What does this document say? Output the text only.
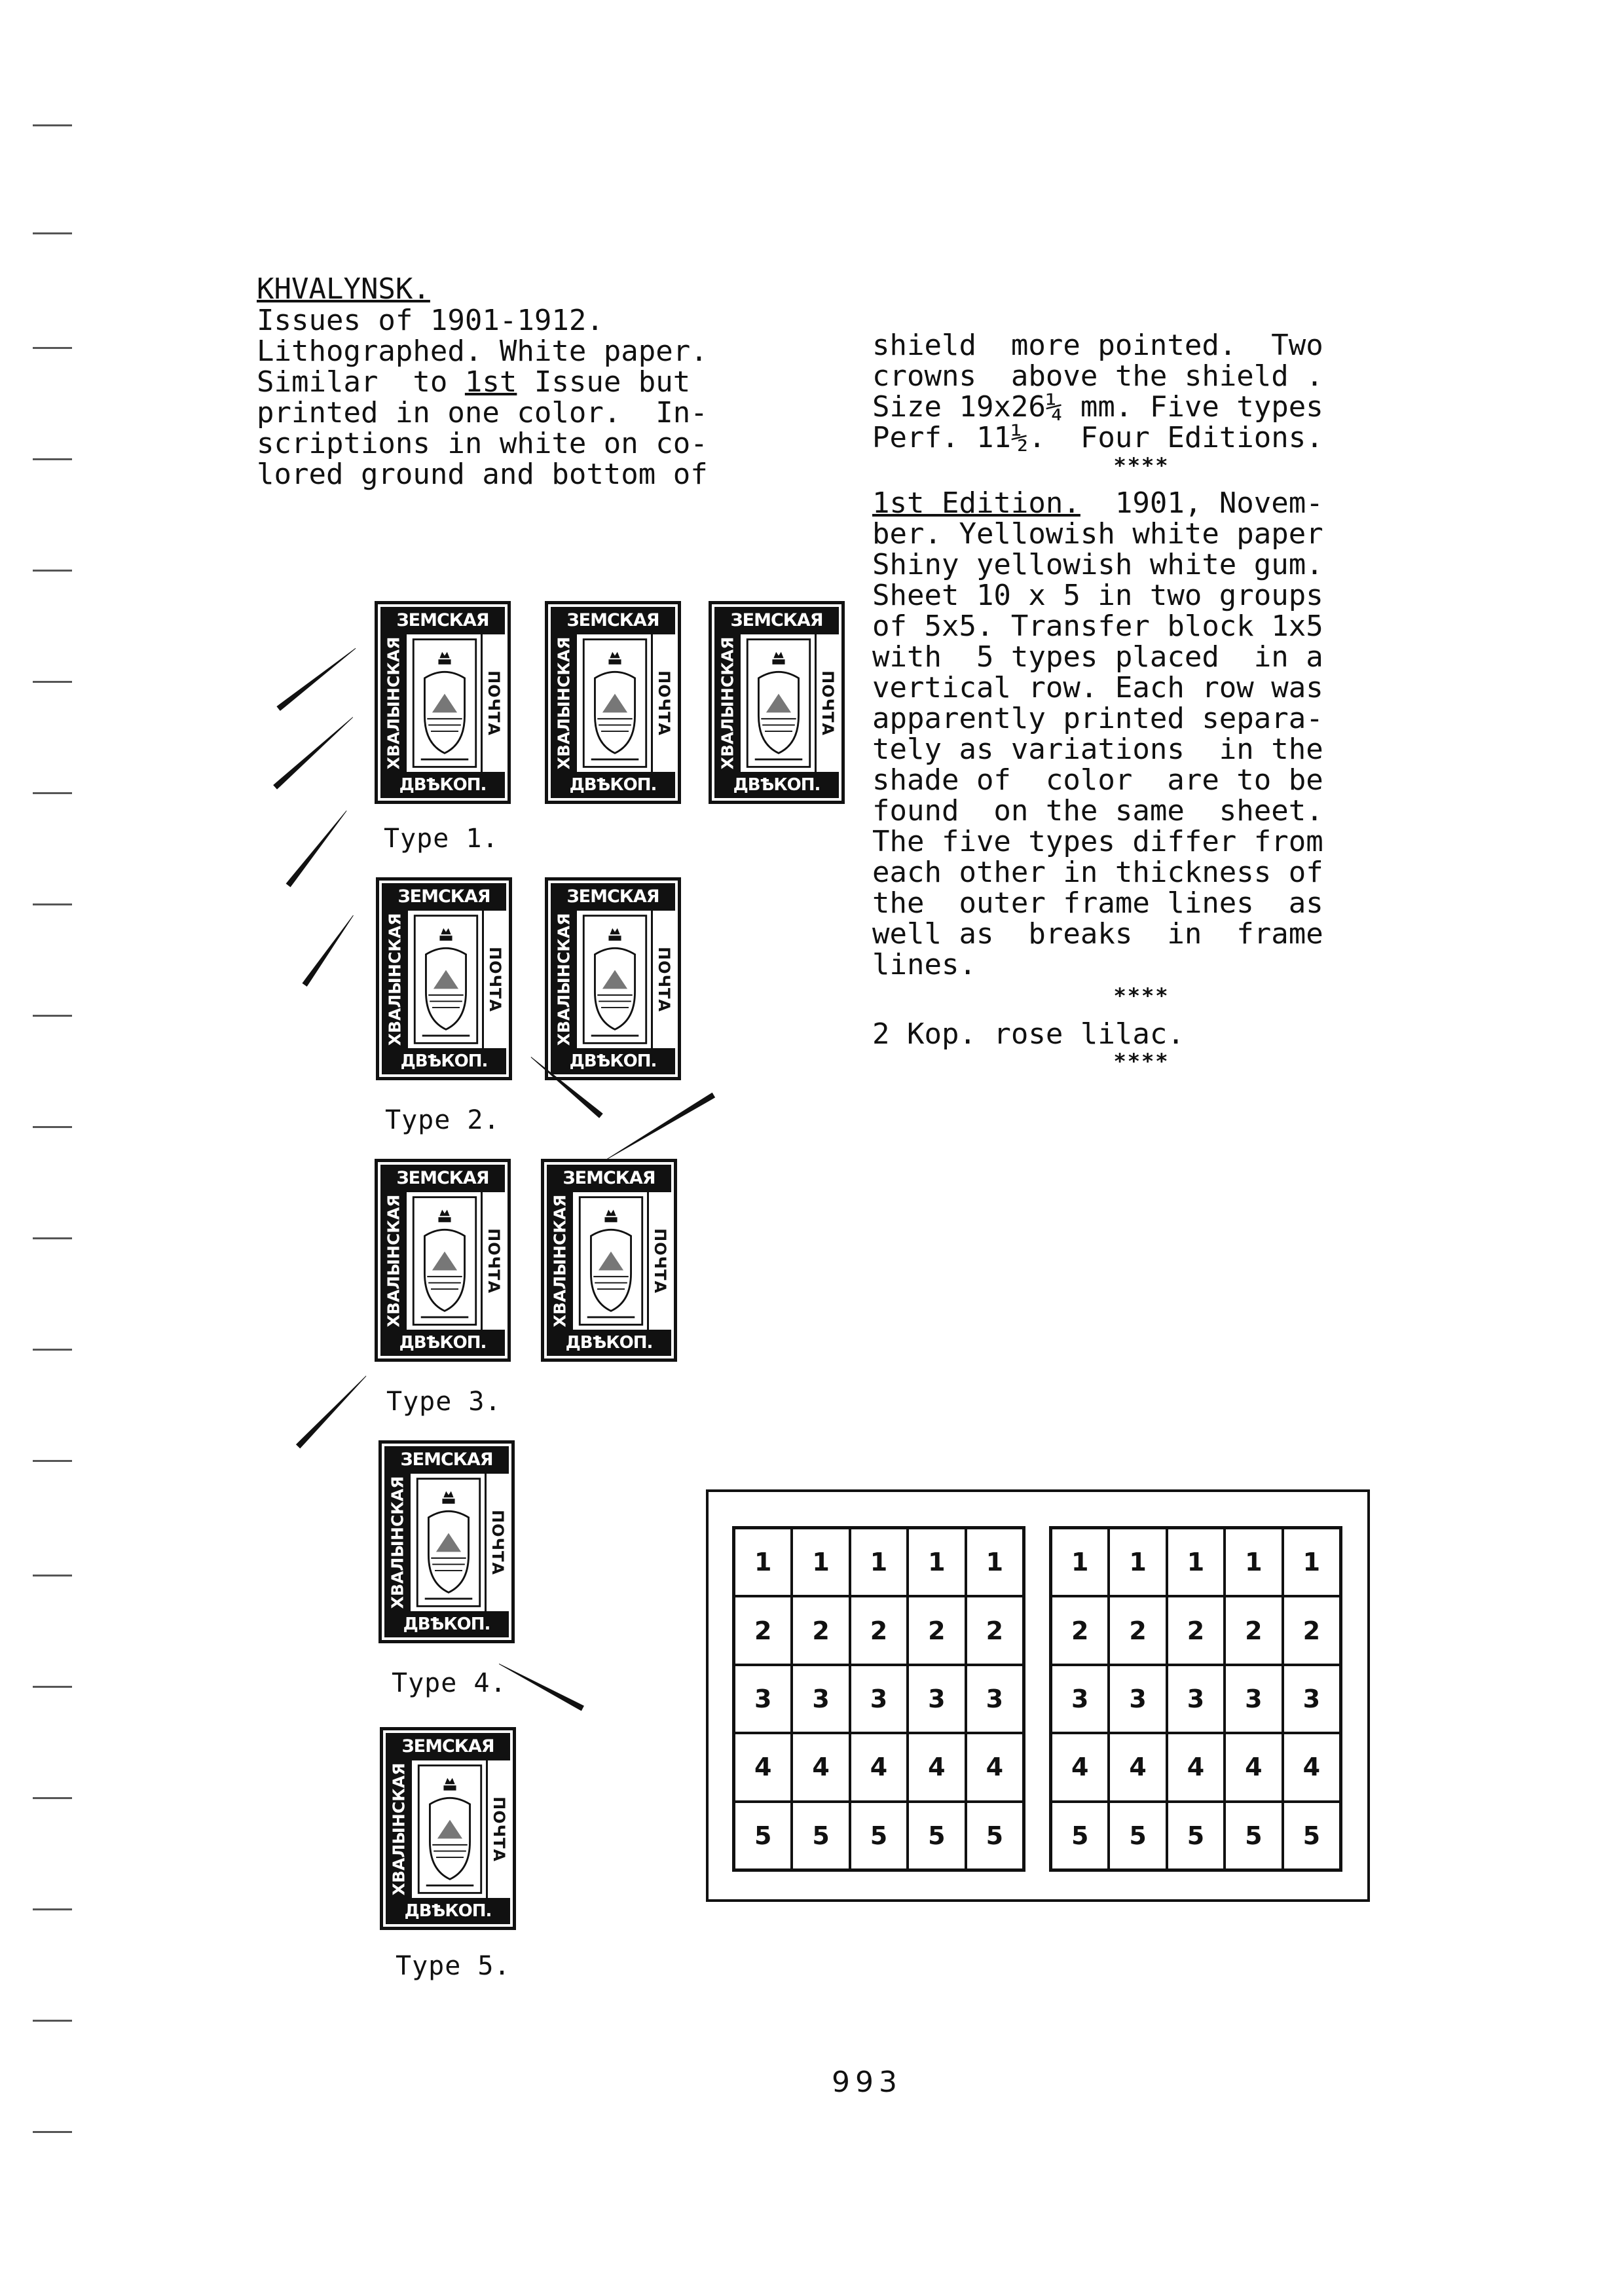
KHVALYNSK.
Issues of 1901-1912.
Lithographed. White paper.
Similar  to 1st Issue but
printed in one color.  In-
scriptions in white on co-
lored ground and bottom of
shield  more pointed.  Two
crowns  above the shield .
Size 19x26¼ mm. Five types
Perf. 11½.  Four Editions.
****
1st Edition.  1901, Novem-
ber. Yellowish white paper
Shiny yellowish white gum.
Sheet 10 x 5 in two groups
of 5x5. Transfer block 1x5
with  5 types placed  in a
vertical row. Each row was
apparently printed separa-
tely as variations  in the
shade of  color  are to be
found  on the same  sheet.
The five types differ from
each other in thickness of
the  outer frame lines  as
well as  breaks  in  frame
lines.
****
2 Kop. rose lilac.
****
ЗЕМСКАЯ
ХВАЛЫНСКАЯ	ПОЧТА
ДВѢКОП.
ЗЕМСКАЯ
ХВАЛЫНСКАЯ	ПОЧТА
ДВѢКОП.
ЗЕМСКАЯ
ХВАЛЫНСКАЯ	ПОЧТА
ДВѢКОП.
Type 1.
ЗЕМСКАЯ
ХВАЛЫНСКАЯ	ПОЧТА
ДВѢКОП.
ЗЕМСКАЯ
ХВАЛЫНСКАЯ	ПОЧТА
ДВѢКОП.
Type 2.
ЗЕМСКАЯ
ХВАЛЫНСКАЯ	ПОЧТА
ДВѢКОП.
ЗЕМСКАЯ
ХВАЛЫНСКАЯ	ПОЧТА
ДВѢКОП.
Type 3.
ЗЕМСКАЯ
ХВАЛЫНСКАЯ	ПОЧТА
ДВѢКОП.
Type 4.
ЗЕМСКАЯ
ХВАЛЫНСКАЯ	ПОЧТА
ДВѢКОП.
Type 5.
1	1	1	1	1
2	2	2	2	2
3	3	3	3	3
4	4	4	4	4
5	5	5	5	5
1	1	1	1	1
2	2	2	2	2
3	3	3	3	3
4	4	4	4	4
5	5	5	5	5
993
